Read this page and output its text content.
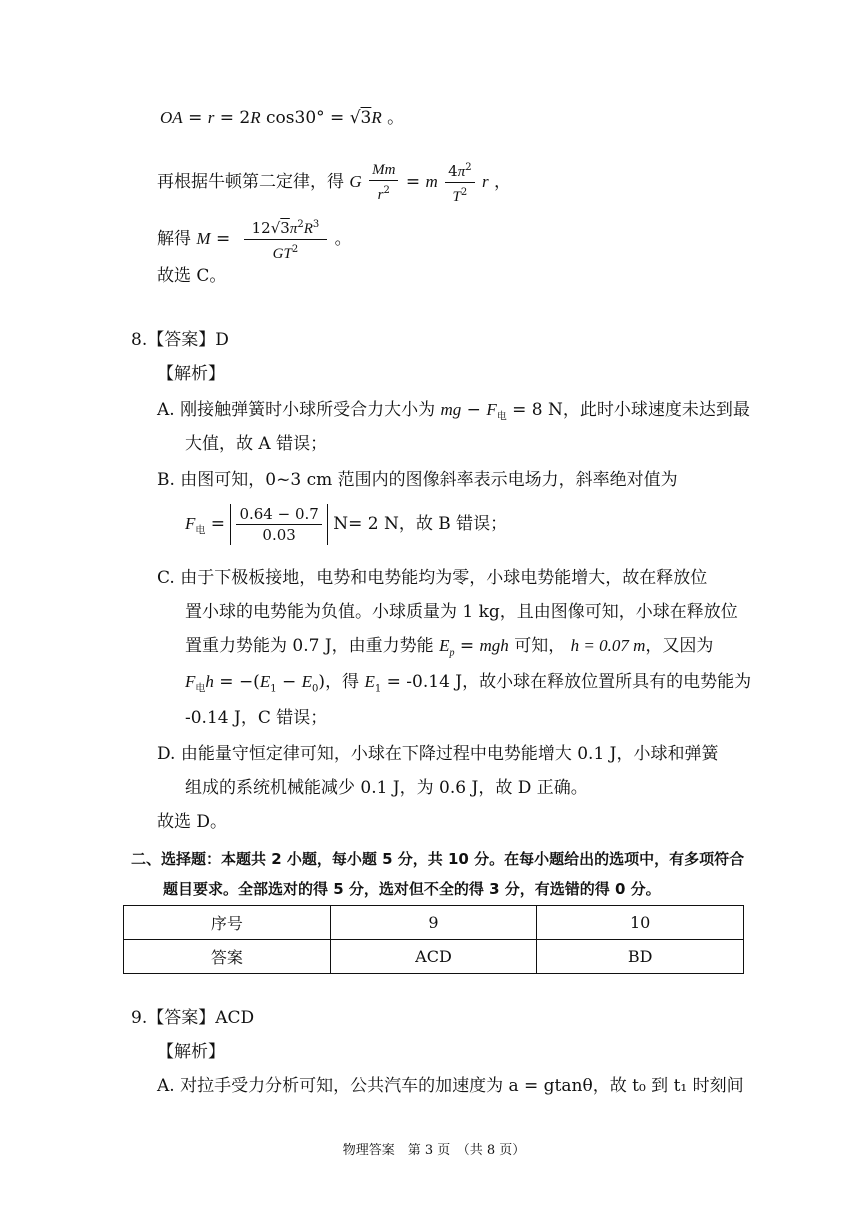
OA = r = 2R cos30° = √3R 。
再根据牛顿第二定律，得 G $\frac{Mm}{r^2} = m \frac{4\pi^2}{T^2}$ r ，
解得 $M = \frac{12√3\pi^2R^3}{GT^2}$ 。
故选 C。
8.【答案】D
【解析】
A. 刚接触弹簧时小球所受合力大小为 mg − $F_电 = 8$ N，此时小球速度未达到最
大值，故 A 错误；
B. 由图可知，0~3 cm 范围内的图像斜率表示电场力，斜率绝对值为
$F_电 = \frac{0.64 - 0.7}{0.03} N= 2$ N，故 B 错误；
C. 由于下极板接地，电势和电势能均为零，小球电势能增大，故在释放位
置小球的电势能为负值。小球质量为 1 kg，且由图像可知，小球在释放位
置重力势能为 0.7 J，由重力势能 $E_p$ = mgh 可知， h = 0.07 m，又因为
$F_电h = -(E_1 - E_0)$，得 $E_1 = -0.14$ J，故小球在释放位置所具有的电势能为
-0.14 J，C 错误；
D. 由能量守恒定律可知，小球在下降过程中电势能增大 0.1 J，小球和弹簧
组成的系统机械能减少 0.1 J，为 0.6 J，故 D 正确。
故选 D。
二、选择题：本题共 2 小题，每小题 5 分，共 10 分。在每小题给出的选项中，有多项符合
题目要求。全部选对的得 5 分，选对但不全的得 3 分，有选错的得 0 分。
序号	9	10
答案	ACD	BD
9.【答案】ACD
【解析】
A. 对拉手受力分析可知，公共汽车的加速度为 a = gtanθ，故 t₀ 到 t₁ 时刻间
物理答案　第 3 页　（共 8 页）
